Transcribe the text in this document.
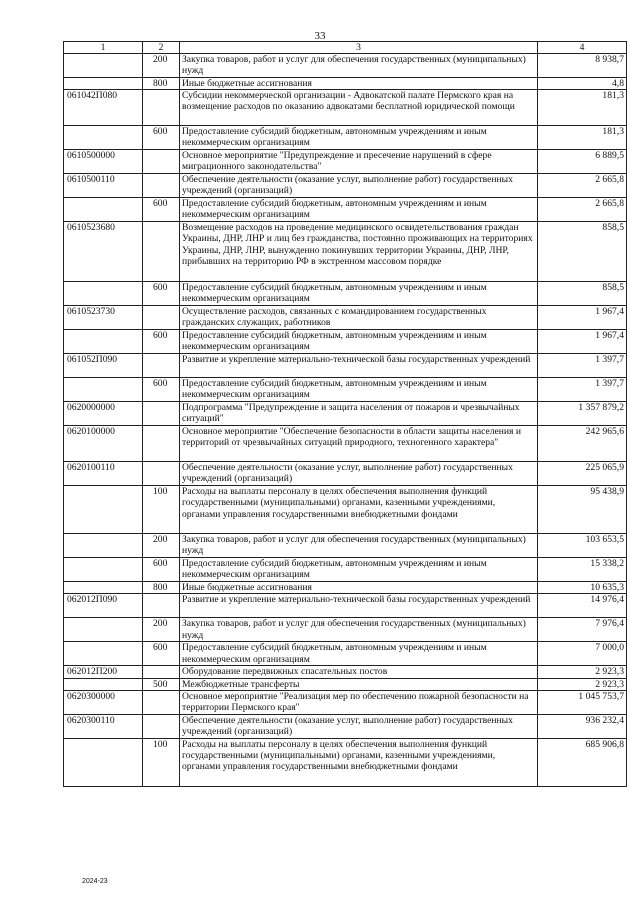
33
1	2	3	4
	200	Закупка товаров, работ и услуг для обеспечения государственных (муниципальных) нужд	8 938,7
	800	Иные бюджетные ассигнования	4,8
061042П080		Субсидии некоммерческой организации - Адвокатской палате Пермского края на возмещение расходов по оказанию адвокатами бесплатной юридической помощи	181,3
	600	Предоставление субсидий бюджетным, автономным учреждениям и иным некоммерческим организациям	181,3
0610500000		Основное мероприятие "Предупреждение и пресечение нарушений в сфере миграционного законодательства"	6 889,5
0610500110		Обеспечение деятельности (оказание услуг, выполнение работ) государственных учреждений (организаций)	2 665,8
	600	Предоставление субсидий бюджетным, автономным учреждениям и иным некоммерческим организациям	2 665,8
0610523680		Возмещение расходов на проведение медицинского освидетельствования граждан Украины, ДНР, ЛНР и лиц без гражданства, постоянно проживающих на территориях Украины, ДНР, ЛНР, вынужденно покинувших территории Украины, ДНР, ЛНР, прибывших на территорию РФ в экстренном массовом порядке	858,5
	600	Предоставление субсидий бюджетным, автономным учреждениям и иным некоммерческим организациям	858,5
0610523730		Осуществление расходов, связанных с командированием государственных гражданских служащих, работников	1 967,4
	600	Предоставление субсидий бюджетным, автономным учреждениям и иным некоммерческим организациям	1 967,4
061052П090		Развитие и укрепление материально-технической базы государственных учреждений	1 397,7
	600	Предоставление субсидий бюджетным, автономным учреждениям и иным некоммерческим организациям	1 397,7
0620000000		Подпрограмма "Предупреждение и защита населения от пожаров и чрезвычайных ситуаций"	1 357 879,2
0620100000		Основное мероприятие "Обеспечение безопасности в области защиты населения и территорий от чрезвычайных ситуаций природного, техногенного характера"	242 965,6
0620100110		Обеспечение деятельности (оказание услуг, выполнение работ) государственных учреждений (организаций)	225 065,9
	100	Расходы на выплаты персоналу в целях обеспечения выполнения функций государственными (муниципальными) органами, казенными учреждениями, органами управления государственными внебюджетными фондами	95 438,9
	200	Закупка товаров, работ и услуг для обеспечения государственных (муниципальных) нужд	103 653,5
	600	Предоставление субсидий бюджетным, автономным учреждениям и иным некоммерческим организациям	15 338,2
	800	Иные бюджетные ассигнования	10 635,3
062012П090		Развитие и укрепление материально-технической базы государственных учреждений	14 976,4
	200	Закупка товаров, работ и услуг для обеспечения государственных (муниципальных) нужд	7 976,4
	600	Предоставление субсидий бюджетным, автономным учреждениям и иным некоммерческим организациям	7 000,0
062012П200		Оборудование передвижных спасательных постов	2 923,3
	500	Межбюджетные трансферты	2 923,3
0620300000		Основное мероприятие "Реализация мер по обеспечению пожарной безопасности на территории Пермского края"	1 045 753,7
0620300110		Обеспечение деятельности (оказание услуг, выполнение работ) государственных учреждений (организаций)	936 232,4
	100	Расходы на выплаты персоналу в целях обеспечения выполнения функций государственными (муниципальными) органами, казенными учреждениями, органами управления государственными внебюджетными фондами	685 906,8
2024-23
